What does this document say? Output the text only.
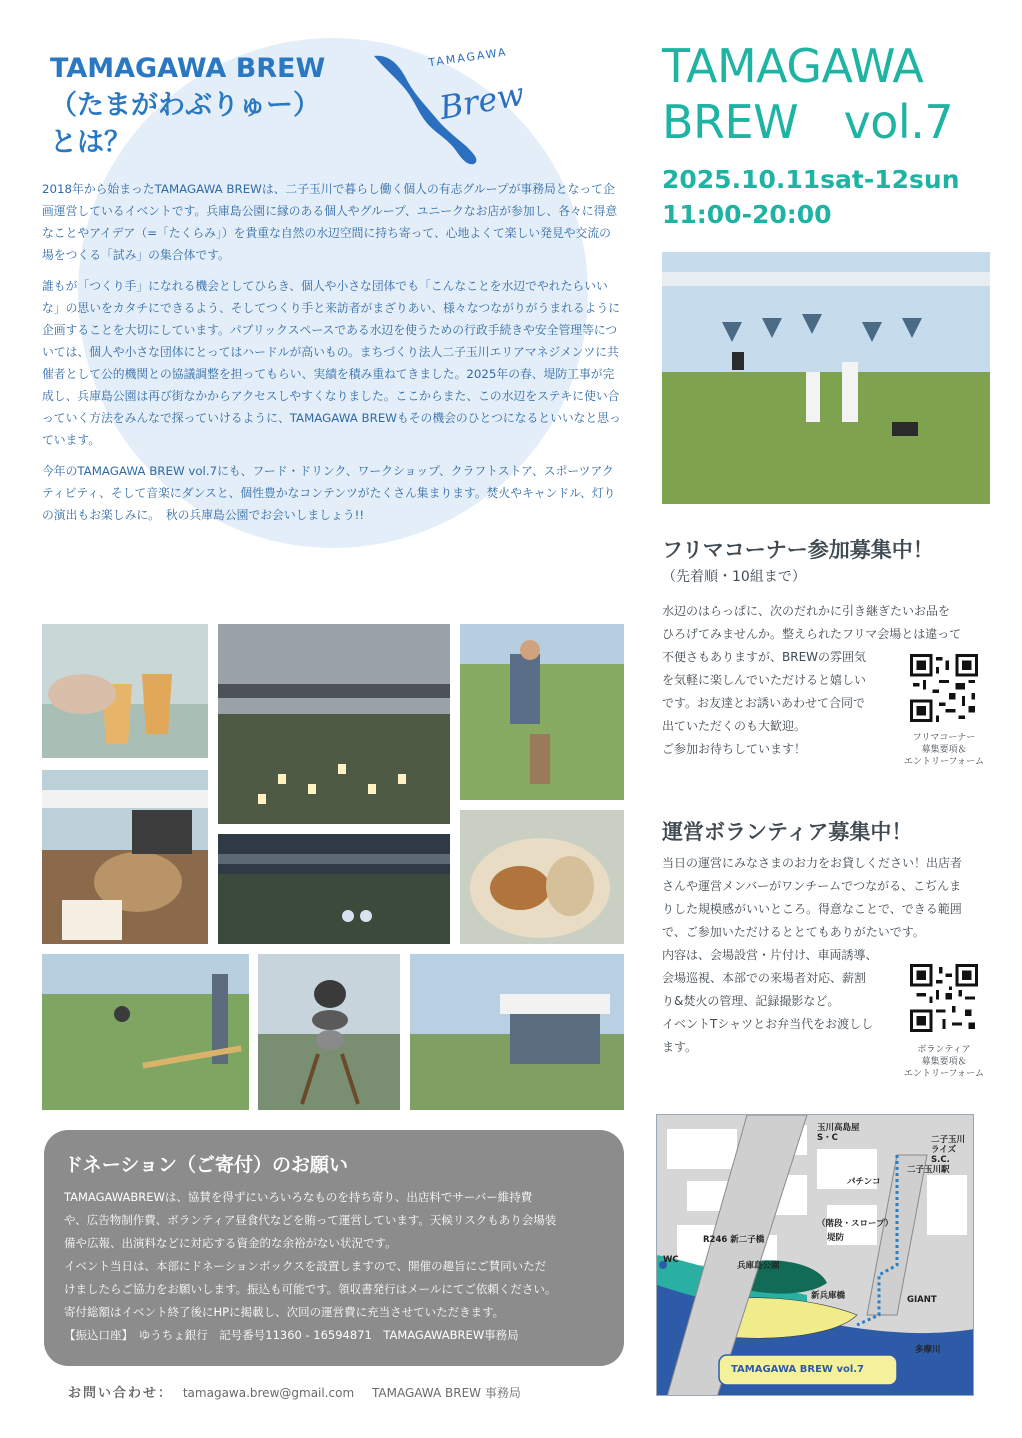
TAMAGAWA BREW
（たまがわぶりゅー）
とは？
TAMAGAWA
Brew

2018年から始まったTAMAGAWA BREWは、二子玉川で暮らし働く個人の有志グループが事務局となって企画運営しているイベントです。兵庫島公園に縁のある個人やグループ、ユニークなお店が参加し、各々に得意なことやアイデア（=「たくらみ」）を貴重な自然の水辺空間に持ち寄って、心地よくて楽しい発見や交流の場をつくる「試み」の集合体です。

誰もが「つくり手」になれる機会としてひらき、個人や小さな団体でも「こんなことを水辺でやれたらいいな」の思いをカタチにできるよう、そしてつくり手と来訪者がまざりあい、様々なつながりがうまれるように企画することを大切にしています。パブリックスペースである水辺を使うための行政手続きや安全管理等については、個人や小さな団体にとってはハードルが高いもの。まちづくり法人二子玉川エリアマネジメンツに共催者として公的機関との協議調整を担ってもらい、実績を積み重ねてきました。2025年の春、堤防工事が完成し、兵庫島公園は再び街なかからアクセスしやすくなりました。ここからまた、この水辺をステキに使い合っていく方法をみんなで探っていけるように、TAMAGAWA BREWもその機会のひとつになるといいなと思っています。

今年のTAMAGAWA BREW vol.7にも、フード・ドリンク、ワークショップ、クラフトストア、スポーツアクティビティ、そして音楽にダンスと、個性豊かなコンテンツがたくさん集まります。焚火やキャンドル、灯りの演出もお楽しみに。　秋の兵庫島公園でお会いしましょう!!

TAMAGAWA
BREW　vol.7
2025.10.11sat-12sun
11:00-20:00
フリマコーナー参加募集中！
（先着順・10組まで）
水辺のはらっぱに、次のだれかに引き継ぎたいお品を
ひろげてみませんか。整えられたフリマ会場とは違って
不便さもありますが、BREWの雰囲気
を気軽に楽しんでいただけると嬉しい
です。お友達とお誘いあわせて合同で
出ていただくのも大歓迎。
ご参加お待ちしています！
フリマコーナー
募集要項＆
エントリーフォーム
運営ボランティア募集中！
当日の運営にみなさまのお力をお貸しください！出店者
さんや運営メンバーがワンチームでつながる、こぢんま
りした規模感がいいところ。得意なことで、できる範囲
で、ご参加いただけるととてもありがたいです。
内容は、会場設営・片付け、車両誘導、
会場巡視、本部での来場者対応、薪割
り&焚火の管理、記録撮影など。
イベントTシャツとお弁当代をお渡しし
ます。	ボランティア
募集要項＆
エントリーフォーム
玉川高島屋
S・C	二子玉川
ライズ
S.C.
パチンコ
二子玉川駅
R246 新二子橋
（階段・スロープ）
堤防
WC
兵庫島公園
新兵庫橋	GIANT
多摩川
TAMAGAWA BREW vol.7
ドネーション（ご寄付）のお願い
TAMAGAWABREWは、協賛を得ずにいろいろなものを持ち寄り、出店料でサーバー維持費
や、広告物制作費、ボランティア昼食代などを賄って運営しています。天候リスクもあり会場装
備や広報、出演料などに対応する資金的な余裕がない状況です。
イベント当日は、本部にドネーションボックスを設置しますので、開催の趣旨にご賛同いただ
けましたらご協力をお願いします。振込も可能です。領収書発行はメールにてご依頼ください。
寄付総額はイベント終了後にHPに掲載し、次回の運営費に充当させていただきます。
【振込口座】　ゆうちょ銀行　記号番号11360 - 16594871　TAMAGAWABREW事務局
お問い合わせ： tamagawa.brew@gmail.com TAMAGAWA BREW 事務局
